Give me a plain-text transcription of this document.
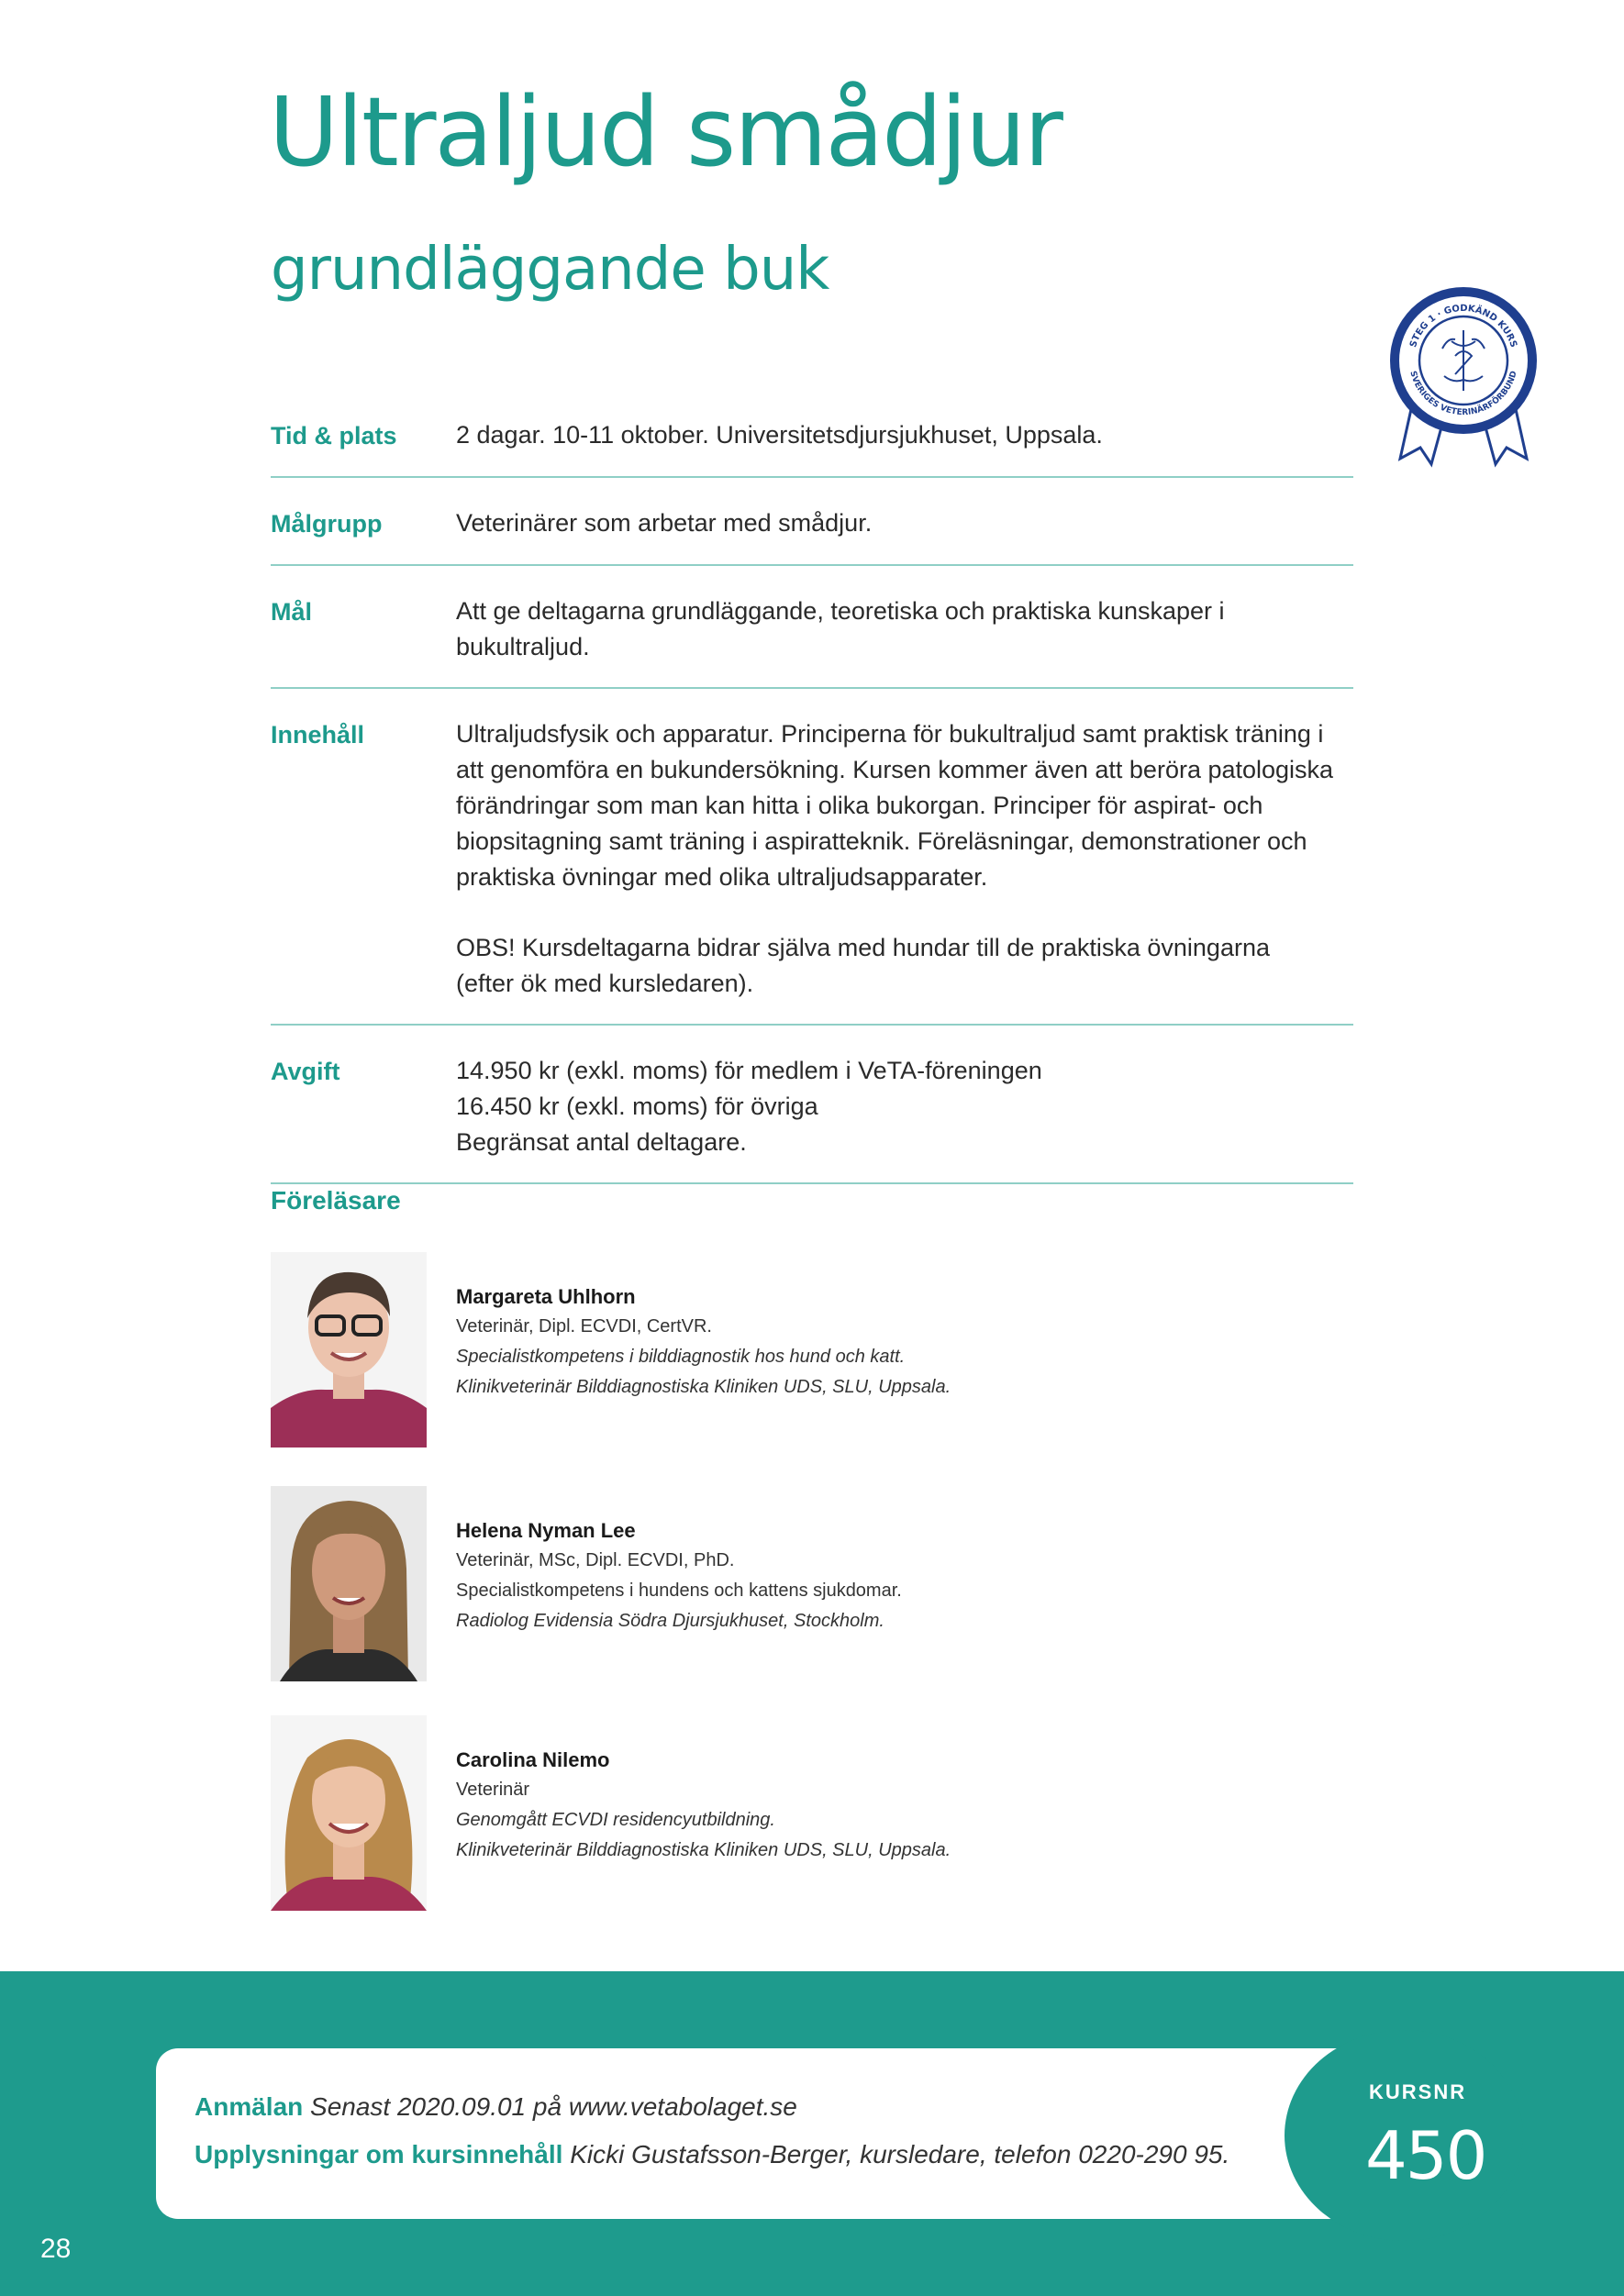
Ultraljud smådjur
grundläggande buk
STEG 1 · GODKÄND KURS
SVERIGES VETERINÄRFÖRBUND
Tid & plats	2 dagar. 10-11 oktober. Universitetsdjursjukhuset, Uppsala.

Målgrupp	Veterinärer som arbetar med smådjur.

Mål	Att ge deltagarna grundläggande, teoretiska och praktiska kunskaper i
bukultraljud.

Innehåll	Ultraljudsfysik och apparatur. Principerna för bukultraljud samt praktisk träning i
att genomföra en bukundersökning. Kursen kommer även att beröra patologiska
förändringar som man kan hitta i olika bukorgan. Principer för aspirat- och
biopsitagning samt träning i aspiratteknik. Föreläsningar, demonstrationer och
praktiska övningar med olika ultraljudsapparater.

OBS! Kursdeltagarna bidrar själva med hundar till de praktiska övningarna
(efter ök med kursledaren).

Avgift	14.950 kr (exkl. moms) för medlem i VeTA-föreningen
16.450 kr (exkl. moms) för övriga
Begränsat antal deltagare.

Föreläsare
Margareta Uhlhorn
Veterinär, Dipl. ECVDI, CertVR.
Specialistkompetens i bilddiagnostik hos hund och katt.
Klinikveterinär Bilddiagnostiska Kliniken UDS, SLU, Uppsala.
Helena Nyman Lee
Veterinär, MSc, Dipl. ECVDI, PhD.
Specialistkompetens i hundens och kattens sjukdomar.
Radiolog Evidensia Södra Djursjukhuset, Stockholm.
Carolina Nilemo
Veterinär
Genomgått ECVDI residencyutbildning.
Klinikveterinär Bilddiagnostiska Kliniken UDS, SLU, Uppsala.
Anmälan Senast 2020.09.01 på www.vetabolaget.se
Upplysningar om kursinnehåll Kicki Gustafsson-Berger, kursledare, telefon 0220-290 95.
KURSNR
450
28
